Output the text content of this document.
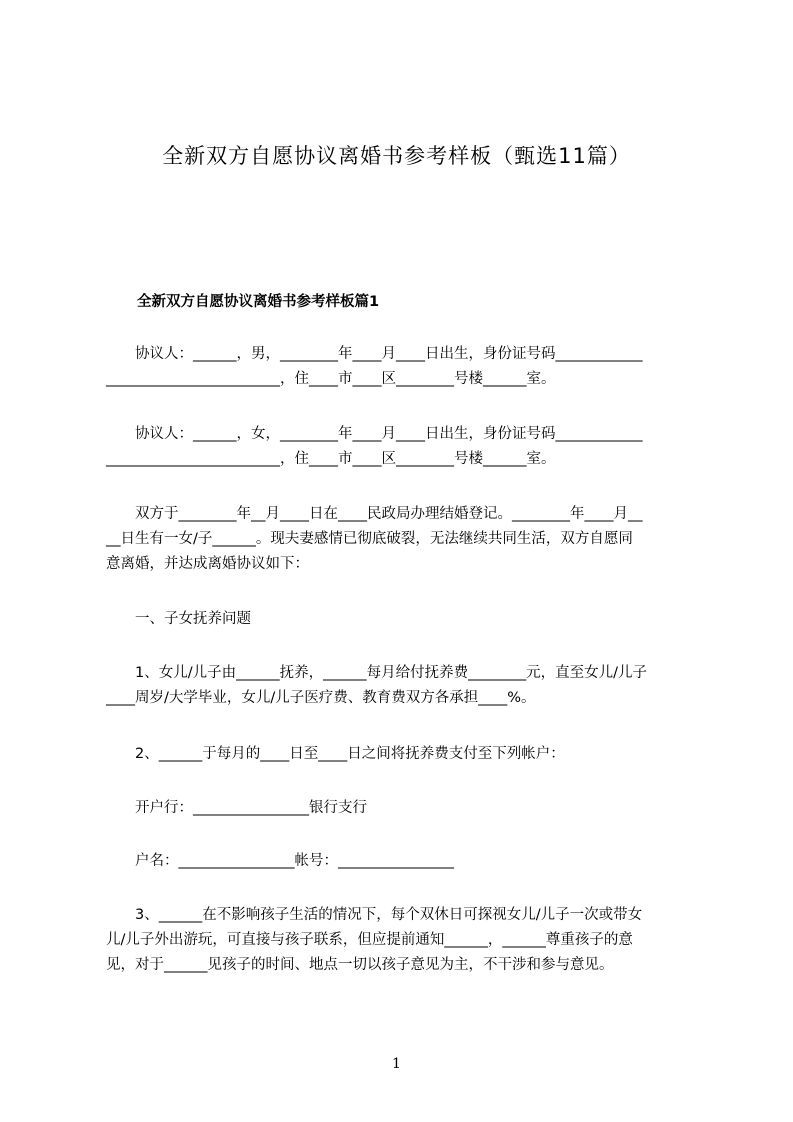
全新双方自愿协议离婚书参考样板（甄选11篇）
全新双方自愿协议离婚书参考样板篇1
　　协议人：______，男，________年____月____日出生，身份证号码____________
________________________，住____市____区________号楼______室。
　　协议人：______，女，________年____月____日出生，身份证号码____________
________________________，住____市____区________号楼______室。
　　双方于________年__月____日在____民政局办理结婚登记。________年____月__
__日生有一女/子______。现夫妻感情已彻底破裂，无法继续共同生活，双方自愿同
意离婚，并达成离婚协议如下：
　　一、子女抚养问题
　　1、女儿/儿子由______抚养，______每月给付抚养费________元，直至女儿/儿子
____周岁/大学毕业，女儿/儿子医疗费、教育费双方各承担____%。
　　2、______于每月的____日至____日之间将抚养费支付至下列帐户：
　　开户行：________________银行支行
　　户名：________________帐号：________________
　　3、______在不影响孩子生活的情况下，每个双休日可探视女儿/儿子一次或带女
儿/儿子外出游玩，可直接与孩子联系，但应提前通知______，______尊重孩子的意
见，对于______见孩子的时间、地点一切以孩子意见为主，不干涉和参与意见。
1
